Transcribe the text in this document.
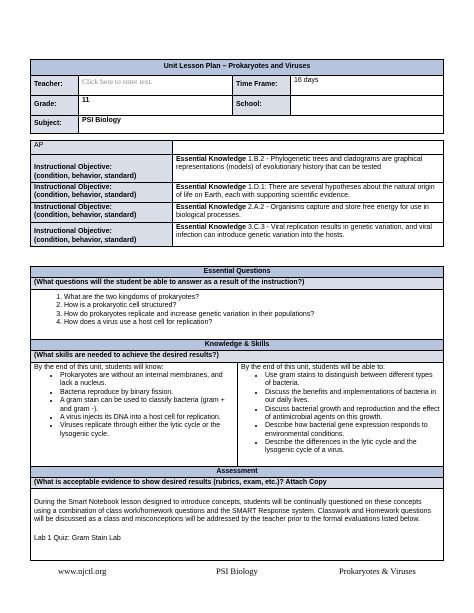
Unit Lesson Plan – Prokaryotes and Viruses			
Teacher:	Click here to enter text.	Time Frame:	16 days
Grade:	11	School:	
Subject:	PSI Biology		
AP	
Instructional Objective:
(condition, behavior, standard)	Essential Knowledge 1.B.2 - Phylogenetic trees and cladograms are graphical representations (models) of evolutionary history that can be tested
Instructional Objective:
(condition, behavior, standard)	Essential Knowledge 1.D.1: There are several hypotheses about the natural origin of life on Earth, each with supporting scientific evidence.
Instructional Objective:
(condition, behavior, standard)	Essential Knowledge 2.A.2 - Organisms capture and store free energy for use in biological processes.
Instructional Objective:
(condition, behavior, standard)	Essential Knowledge 3.C.3 - Viral replication results in genetic variation, and viral infection can introduce genetic variation into the hosts.
Essential Questions
(What questions will the student be able to answer as a result of the instruction?)

1. What are the two kingdoms of prokaryotes?
2. How is a prokaryotic cell structured?
3. How do prokaryotes replicate and increase genetic variation in their populations?
4. How does a virus use a host cell for replication?

Knowledge & Skills
(What skills are needed to achieve the desired results?)

By the end of this unit, students will know:
• Prokaryotes are without an internal membranes, and lack a nucleus.
• Bacteria reproduce by binary fission.
• A gram stain can be used to classify bacteria (gram + and gram -).
• A virus injects its DNA into a host cell for replication.
• Viruses replicate through either the lytic cycle or the lysogenic cycle.

By the end of this unit, students will be able to:
• Use gram stains to distinguish between different types of bacteria.
• Discuss the benefits and implementations of bacteria in our daily lives.
• Discuss bacterial growth and reproduction and the effect of antimicrobial agents on this growth.
• Describe how bacterial gene expression responds to environmental conditions.
• Describe the differences in the lytic cycle and the lysogenic cycle of a virus.

Assessment
(What is acceptable evidence to show desired results (rubrics, exam, etc.)? Attach Copy

During the Smart Notebook lesson designed to introduce concepts, students will be continually questioned on these concepts using a combination of class work/homework questions and the SMART Response system. Classwork and Homework questions will be discussed as a class and misconceptions will be addressed by the teacher prior to the formal evaluations listed below.
Lab 1 Quiz: Gram Stain Lab
www.njctl.org	PSI Biology	Prokaryotes & Viruses
